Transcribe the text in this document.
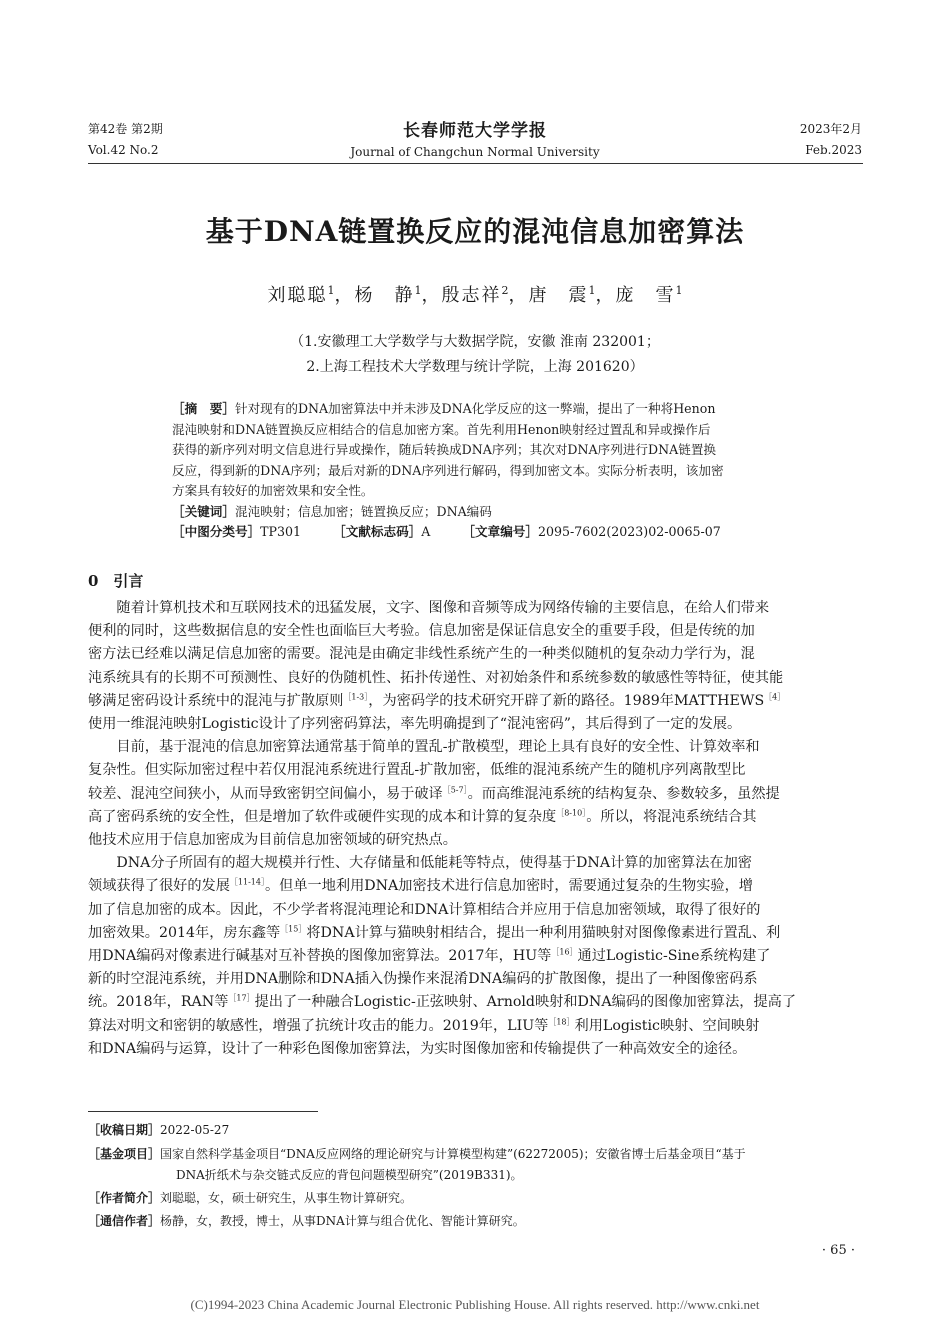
第42卷 第2期
Vol.42 No.2
长春师范大学学报
Journal of Changchun Normal University
2023年2月
Feb.2023
基于DNA链置换反应的混沌信息加密算法
刘聪聪$^1$，杨　静$^1$，殷志祥$^2$，唐　震$^1$，庞　雪$^1$
（1.安徽理工大学数学与大数据学院，安徽 淮南 232001；
2.上海工程技术大学数理与统计学院，上海 201620）
［摘　要］针对现有的DNA加密算法中并未涉及DNA化学反应的这一弊端，提出了一种将Henon
混沌映射和DNA链置换反应相结合的信息加密方案。首先利用Henon映射经过置乱和异或操作后
获得的新序列对明文信息进行异或操作，随后转换成DNA序列；其次对DNA序列进行DNA链置换
反应，得到新的DNA序列；最后对新的DNA序列进行解码，得到加密文本。实际分析表明，该加密
方案具有较好的加密效果和安全性。
［关键词］混沌映射；信息加密；链置换反应；DNA编码
［中图分类号］TP301	［文献标志码］A	［文章编号］2095-7602(2023)02-0065-07
0　引言
　　随着计算机技术和互联网技术的迅猛发展，文字、图像和音频等成为网络传输的主要信息，在给人们带来
便利的同时，这些数据信息的安全性也面临巨大考验。信息加密是保证信息安全的重要手段，但是传统的加
密方法已经难以满足信息加密的需要。混沌是由确定非线性系统产生的一种类似随机的复杂动力学行为，混
沌系统具有的长期不可预测性、良好的伪随机性、拓扑传递性、对初始条件和系统参数的敏感性等特征，使其能
够满足密码设计系统中的混沌与扩散原则$^{[1-3]}$，为密码学的技术研究开辟了新的路径。1989年$MATTHEWS^{[4]}$
使用一维混沌映射Logistic设计了序列密码算法，率先明确提到了“混沌密码”，其后得到了一定的发展。
　　目前，基于混沌的信息加密算法通常基于简单的置乱-扩散模型，理论上具有良好的安全性、计算效率和
复杂性。但实际加密过程中若仅用混沌系统进行置乱-扩散加密，低维的混沌系统产生的随机序列离散型比
较差、混沌空间狭小，从而导致密钥空间偏小，易于破译$^{[5-7]}$。而高维混沌系统的结构复杂、参数较多，虽然提
高了密码系统的安全性，但是增加了软件或硬件实现的成本和计算的复杂度$^{[8-10]}$。所以，将混沌系统结合其
他技术应用于信息加密成为目前信息加密领域的研究热点。
　　DNA分子所固有的超大规模并行性、大存储量和低能耗等特点，使得基于DNA计算的加密算法在加密
领域获得了很好的发展$^{[11-14]}$。但单一地利用DNA加密技术进行信息加密时，需要通过复杂的生物实验，增
加了信息加密的成本。因此，不少学者将混沌理论和DNA计算相结合并应用于信息加密领域，取得了很好的
加密效果。2014年，房东鑫等$^{[15]}$将DNA计算与猫映射相结合，提出一种利用猫映射对图像像素进行置乱、利
用DNA编码对像素进行碱基对互补替换的图像加密算法。2017年，HU等$^{[16]}$通过Logistic-Sine系统构建了
新的时空混沌系统，并用DNA删除和DNA插入伪操作来混淆DNA编码的扩散图像，提出了一种图像密码系
统。2018年，RAN等$^{[17]}$提出了一种融合Logistic-正弦映射、Arnold映射和DNA编码的图像加密算法，提高了
算法对明文和密钥的敏感性，增强了抗统计攻击的能力。2019年，LIU等$^{[18]}$利用Logistic映射、空间映射
和DNA编码与运算，设计了一种彩色图像加密算法，为实时图像加密和传输提供了一种高效安全的途径。
［收稿日期］2022-05-27
［基金项目］国家自然科学基金项目“DNA反应网络的理论研究与计算模型构建”(62272005)；安徽省博士后基金项目“基于
DNA折纸术与杂交链式反应的背包问题模型研究”(2019B331)。
［作者简介］刘聪聪，女，硕士研究生，从事生物计算研究。
［通信作者］杨静，女，教授，博士，从事DNA计算与组合优化、智能计算研究。
· 65 ·
(C)1994-2023 China Academic Journal Electronic Publishing House. All rights reserved. http://www.cnki.net
